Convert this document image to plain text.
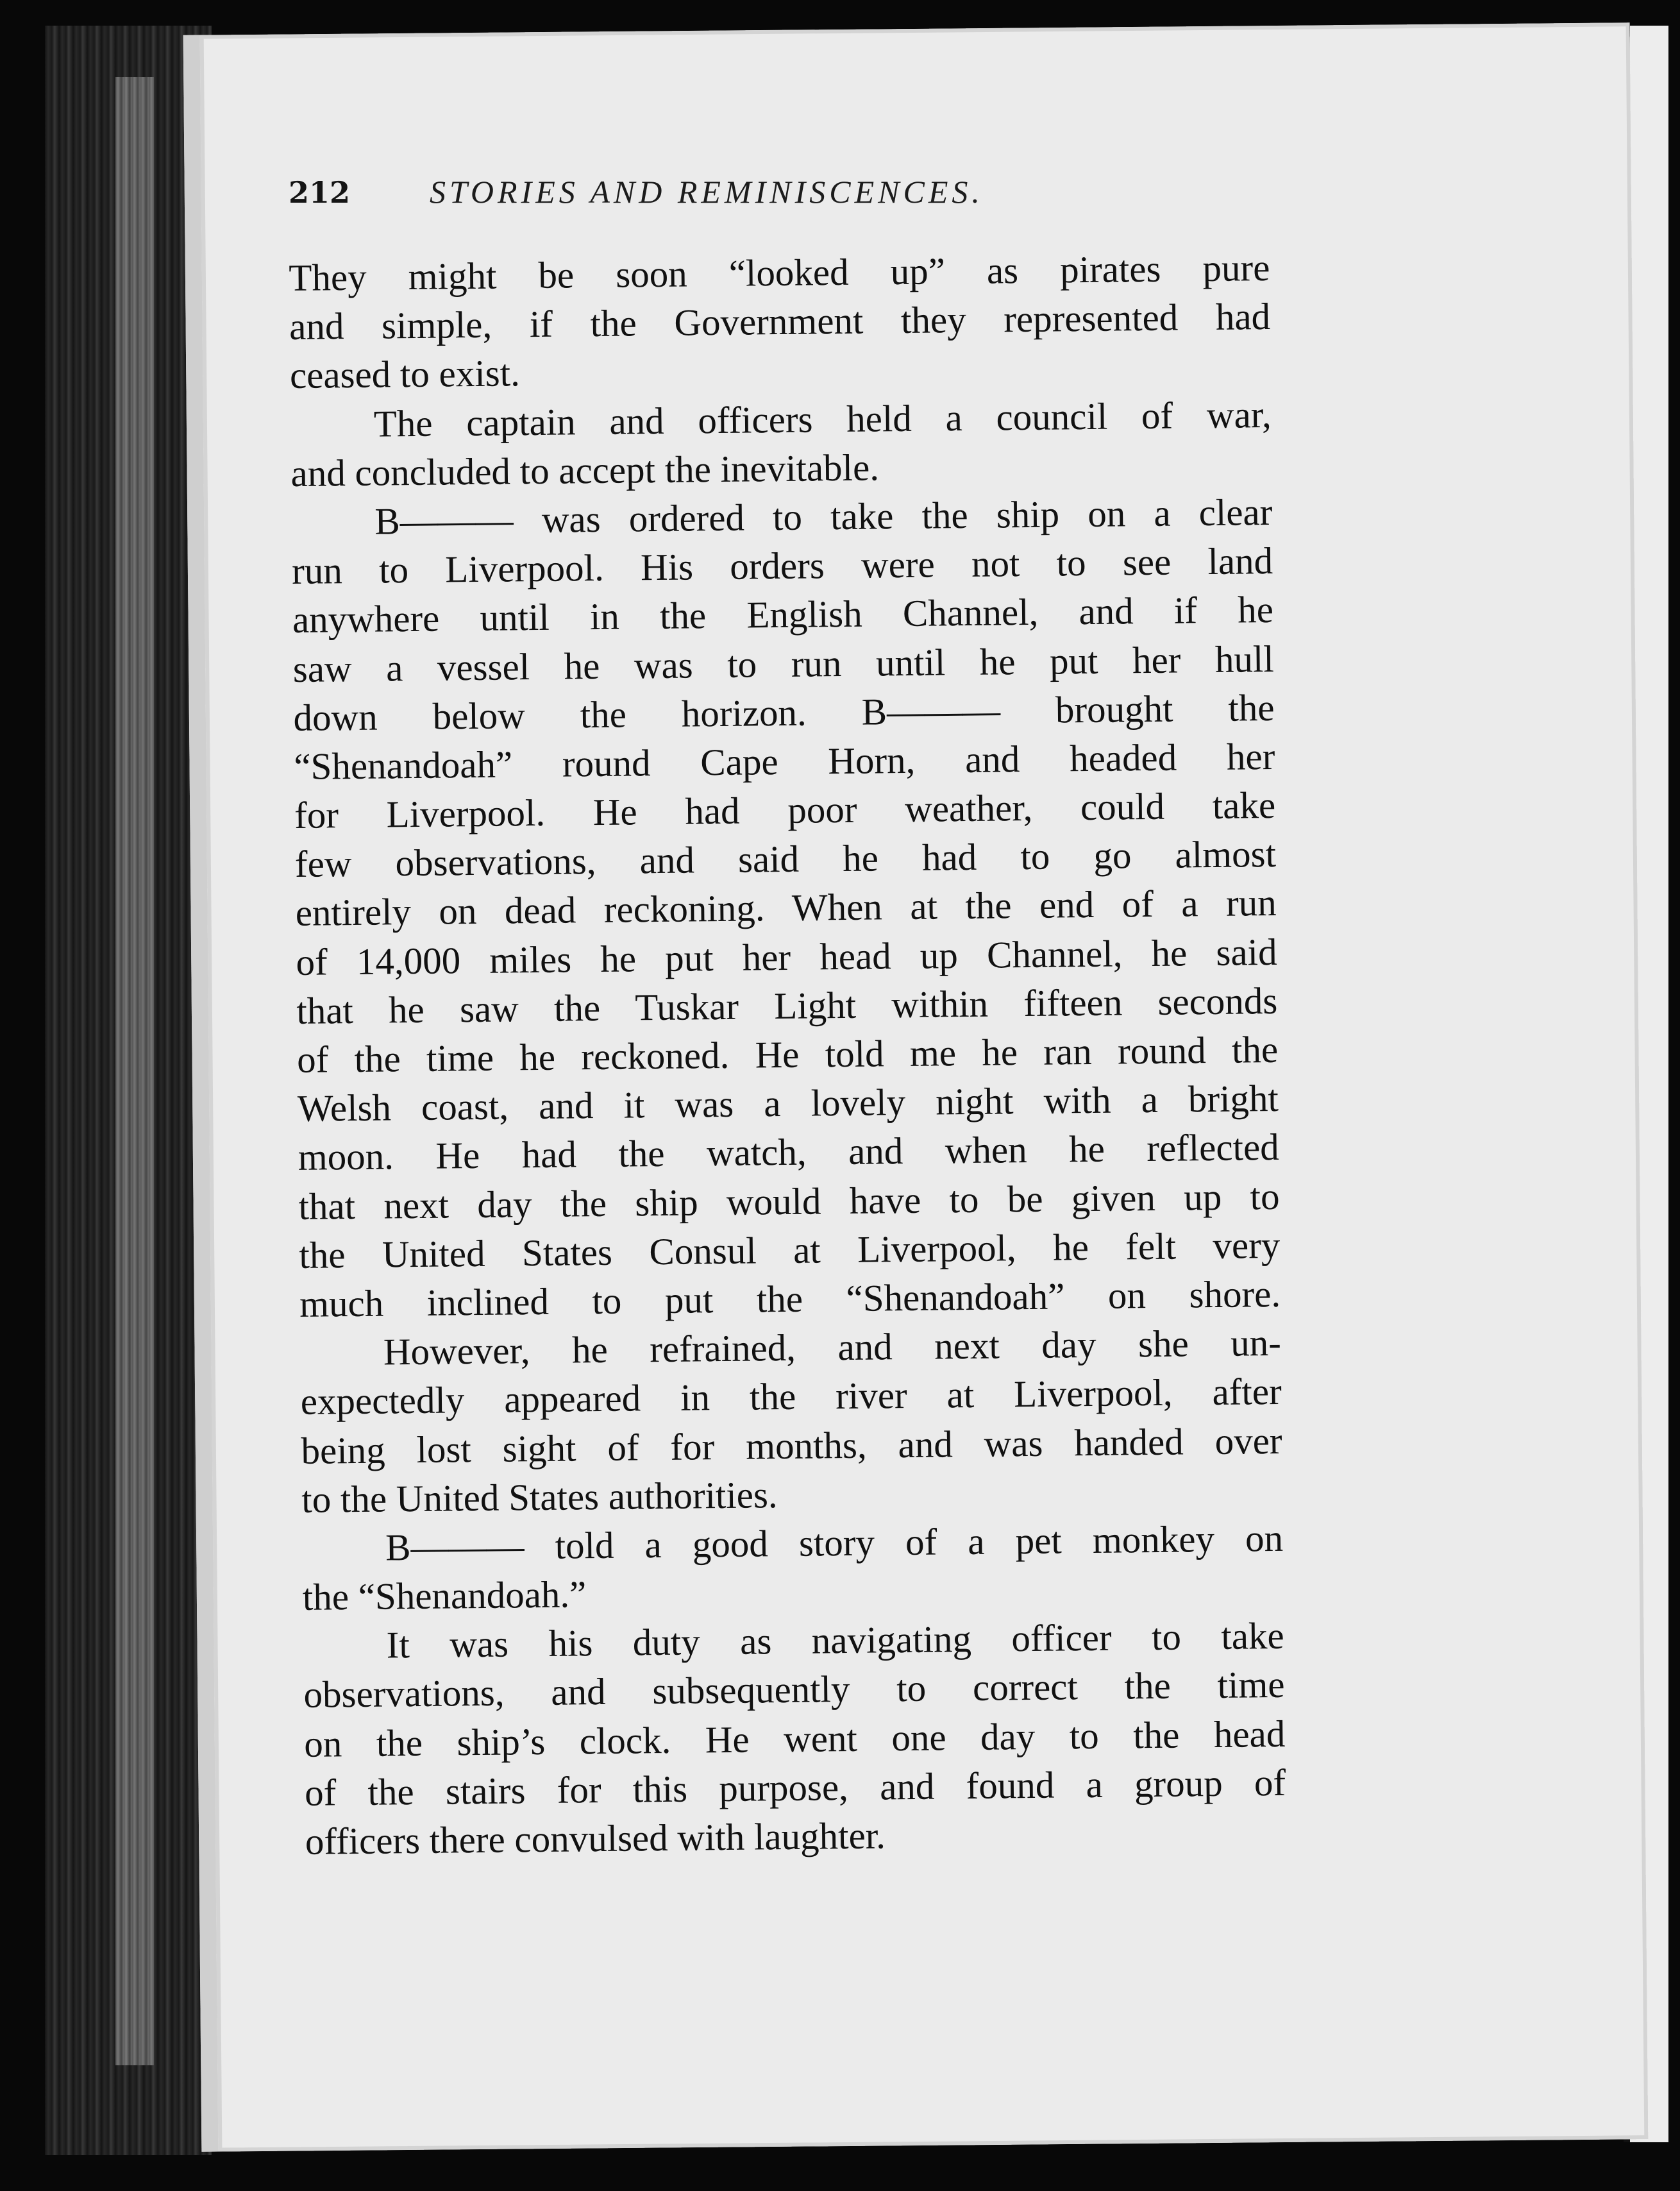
212	STORIES AND REMINISCENCES.
They might be soon “looked up” as pirates pure
and simple, if the Government they represented had
ceased to exist.
The captain and officers held a council of war,
and concluded to accept the inevitable.
B——— was ordered to take the ship on a clear
run to Liverpool. His orders were not to see land
anywhere until in the English Channel, and if he
saw a vessel he was to run until he put her hull
down below the horizon. B——— brought the
“Shenandoah” round Cape Horn, and headed her
for Liverpool. He had poor weather, could take
few observations, and said he had to go almost
entirely on dead reckoning. When at the end of a run
of 14,000 miles he put her head up Channel, he said
that he saw the Tuskar Light within fifteen seconds
of the time he reckoned. He told me he ran round the
Welsh coast, and it was a lovely night with a bright
moon. He had the watch, and when he reflected
that next day the ship would have to be given up to
the United States Consul at Liverpool, he felt very
much inclined to put the “Shenandoah” on shore.
However, he refrained, and next day she un-
expectedly appeared in the river at Liverpool, after
being lost sight of for months, and was handed over
to the United States authorities.
B——— told a good story of a pet monkey on
the “Shenandoah.”
It was his duty as navigating officer to take
observations, and subsequently to correct the time
on the ship’s clock. He went one day to the head
of the stairs for this purpose, and found a group of
officers there convulsed with laughter.
